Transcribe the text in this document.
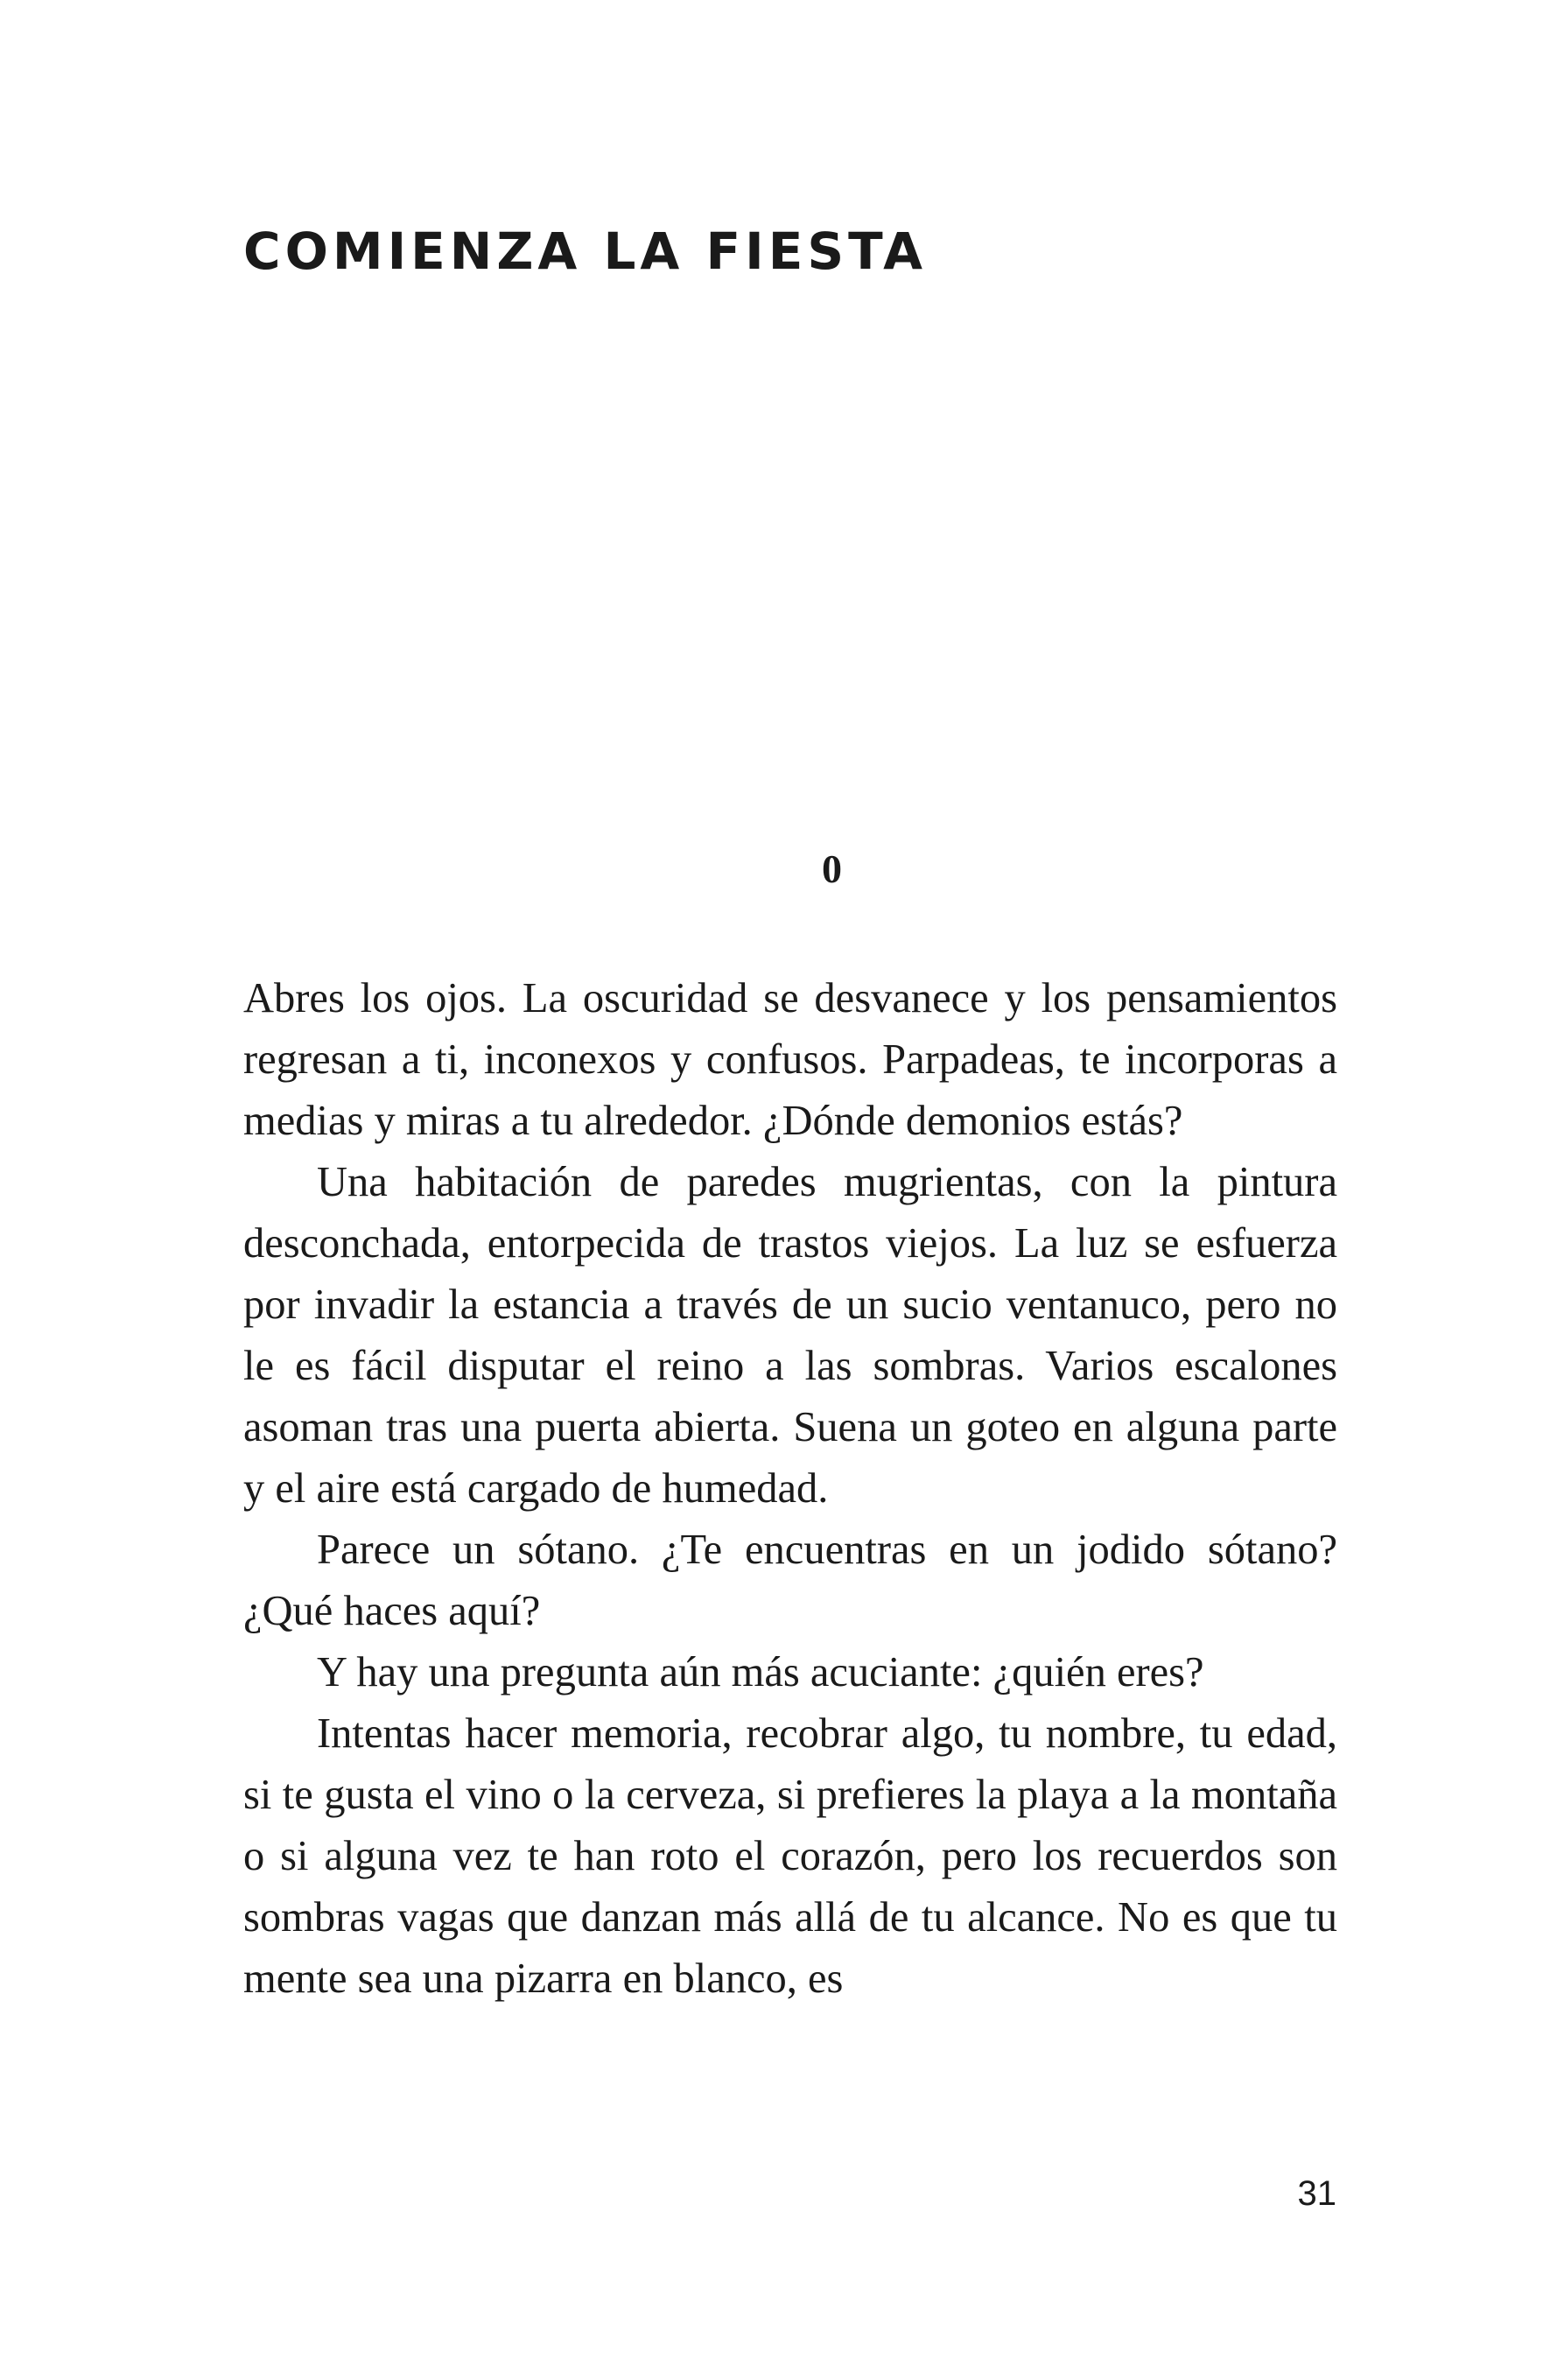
COMIENZA LA FIESTA
0

Abres los ojos. La oscuridad se desvanece y los pensamientos regresan a ti, inconexos y confusos. Parpadeas, te incorporas a medias y miras a tu alrededor. ¿Dónde demonios estás?

Una habitación de paredes mugrientas, con la pintura desconchada, entorpecida de trastos viejos. La luz se esfuerza por invadir la estancia a través de un sucio ventanuco, pero no le es fácil disputar el reino a las sombras. Varios escalones asoman tras una puerta abierta. Suena un goteo en alguna parte y el aire está cargado de humedad.

Parece un sótano. ¿Te encuentras en un jodido sótano? ¿Qué haces aquí?

Y hay una pregunta aún más acuciante: ¿quién eres?

Intentas hacer memoria, recobrar algo, tu nombre, tu edad, si te gusta el vino o la cerveza, si prefieres la playa a la montaña o si alguna vez te han roto el corazón, pero los recuerdos son sombras vagas que danzan más allá de tu alcance. No es que tu mente sea una pizarra en blanco, es

31
